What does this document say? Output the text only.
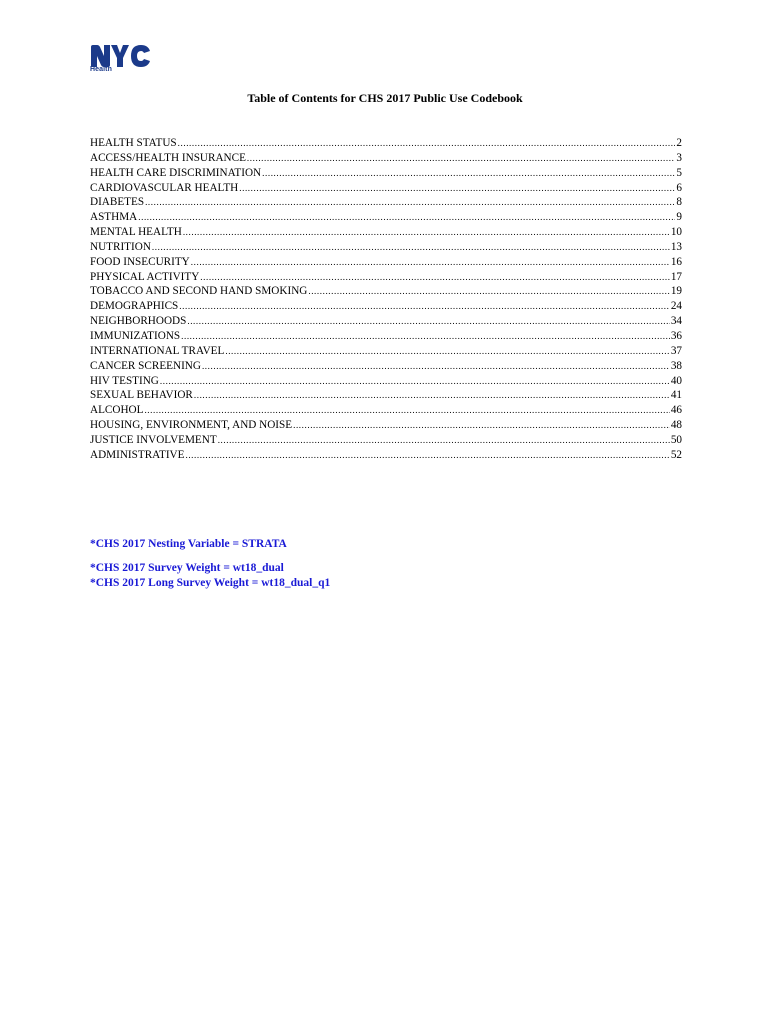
Health
Table of Contents for CHS 2017 Public Use Codebook
HEALTH STATUS .....	2
ACCESS/HEALTH INSURANCE .....	3
HEALTH CARE DISCRIMINATION .....	5
CARDIOVASCULAR HEALTH .....	6
DIABETES .....	8
ASTHMA .....	9
MENTAL HEALTH .....	10
NUTRITION .....	13
FOOD INSECURITY .....	16
PHYSICAL ACTIVITY .....	17
TOBACCO AND SECOND HAND SMOKING .....	19
DEMOGRAPHICS .....	24
NEIGHBORHOODS .....	34
IMMUNIZATIONS .....	36
INTERNATIONAL TRAVEL .....	37
CANCER SCREENING .....	38
HIV TESTING .....	40
SEXUAL BEHAVIOR .....	41
ALCOHOL .....	46
HOUSING, ENVIRONMENT, AND NOISE .....	48
JUSTICE INVOLVEMENT .....	50
ADMINISTRATIVE .....	52
*CHS 2017 Nesting Variable = STRATA
*CHS 2017 Survey Weight = wt18_dual
*CHS 2017 Long Survey Weight = wt18_dual_q1
